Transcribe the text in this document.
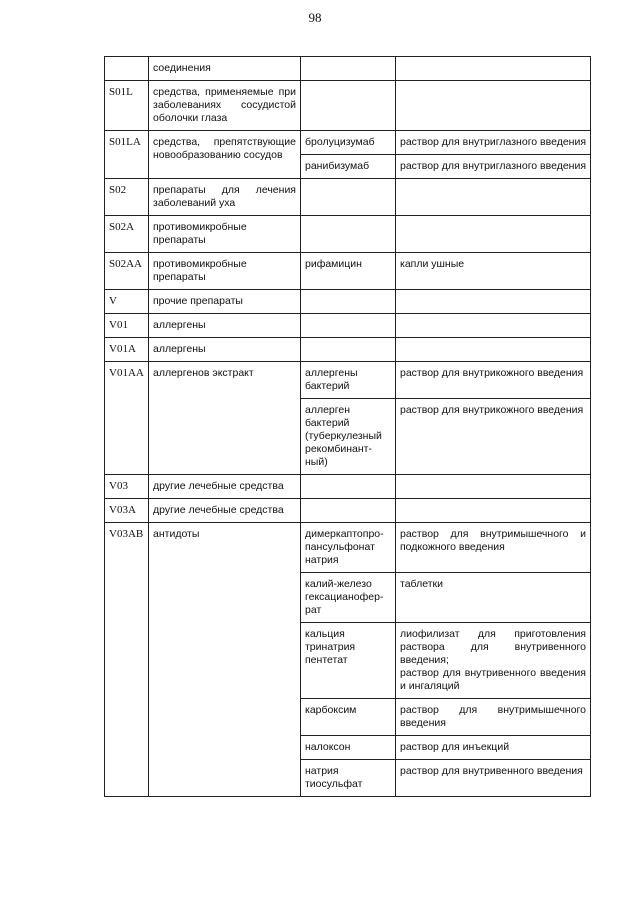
98
	соединения		
S01L	средства, применяемые при заболеваниях сосудистой оболочки глаза		
S01LA	средства, препятствующие новообразованию сосудов	бролуцизумаб	раствор для внутриглазного введения

		ранибизумаб	раствор для внутриглазного введения

S02	препараты для лечения заболеваний уха		
S02A	противомикробные препараты		
S02AA	противомикробные препараты	рифамицин	капли ушные

V	прочие препараты		
V01	аллергены		
V01A	аллергены		
V01AA	аллергенов экстракт	аллергены бактерий	раствор для внутрикожного введения

		аллерген бактерий (туберкулезный рекомбинант-ный)	раствор для внутрикожного введения

V03	другие лечебные средства		
V03A	другие лечебные средства		
V03AB	антидоты	димеркаптопро-пансульфонат натрия	раствор для внутримышечного и подкожного введения

		калий-железо гексацианофер-рат	таблетки

		кальция тринатрия пентетат	лиофилизат для приготовления раствора для внутривенного введения;
раствор для внутривенного введения и ингаляций

		карбоксим	раствор для внутримышечного введения

		налоксон	раствор для инъекций

		натрия тиосульфат	раствор для внутривенного введения
